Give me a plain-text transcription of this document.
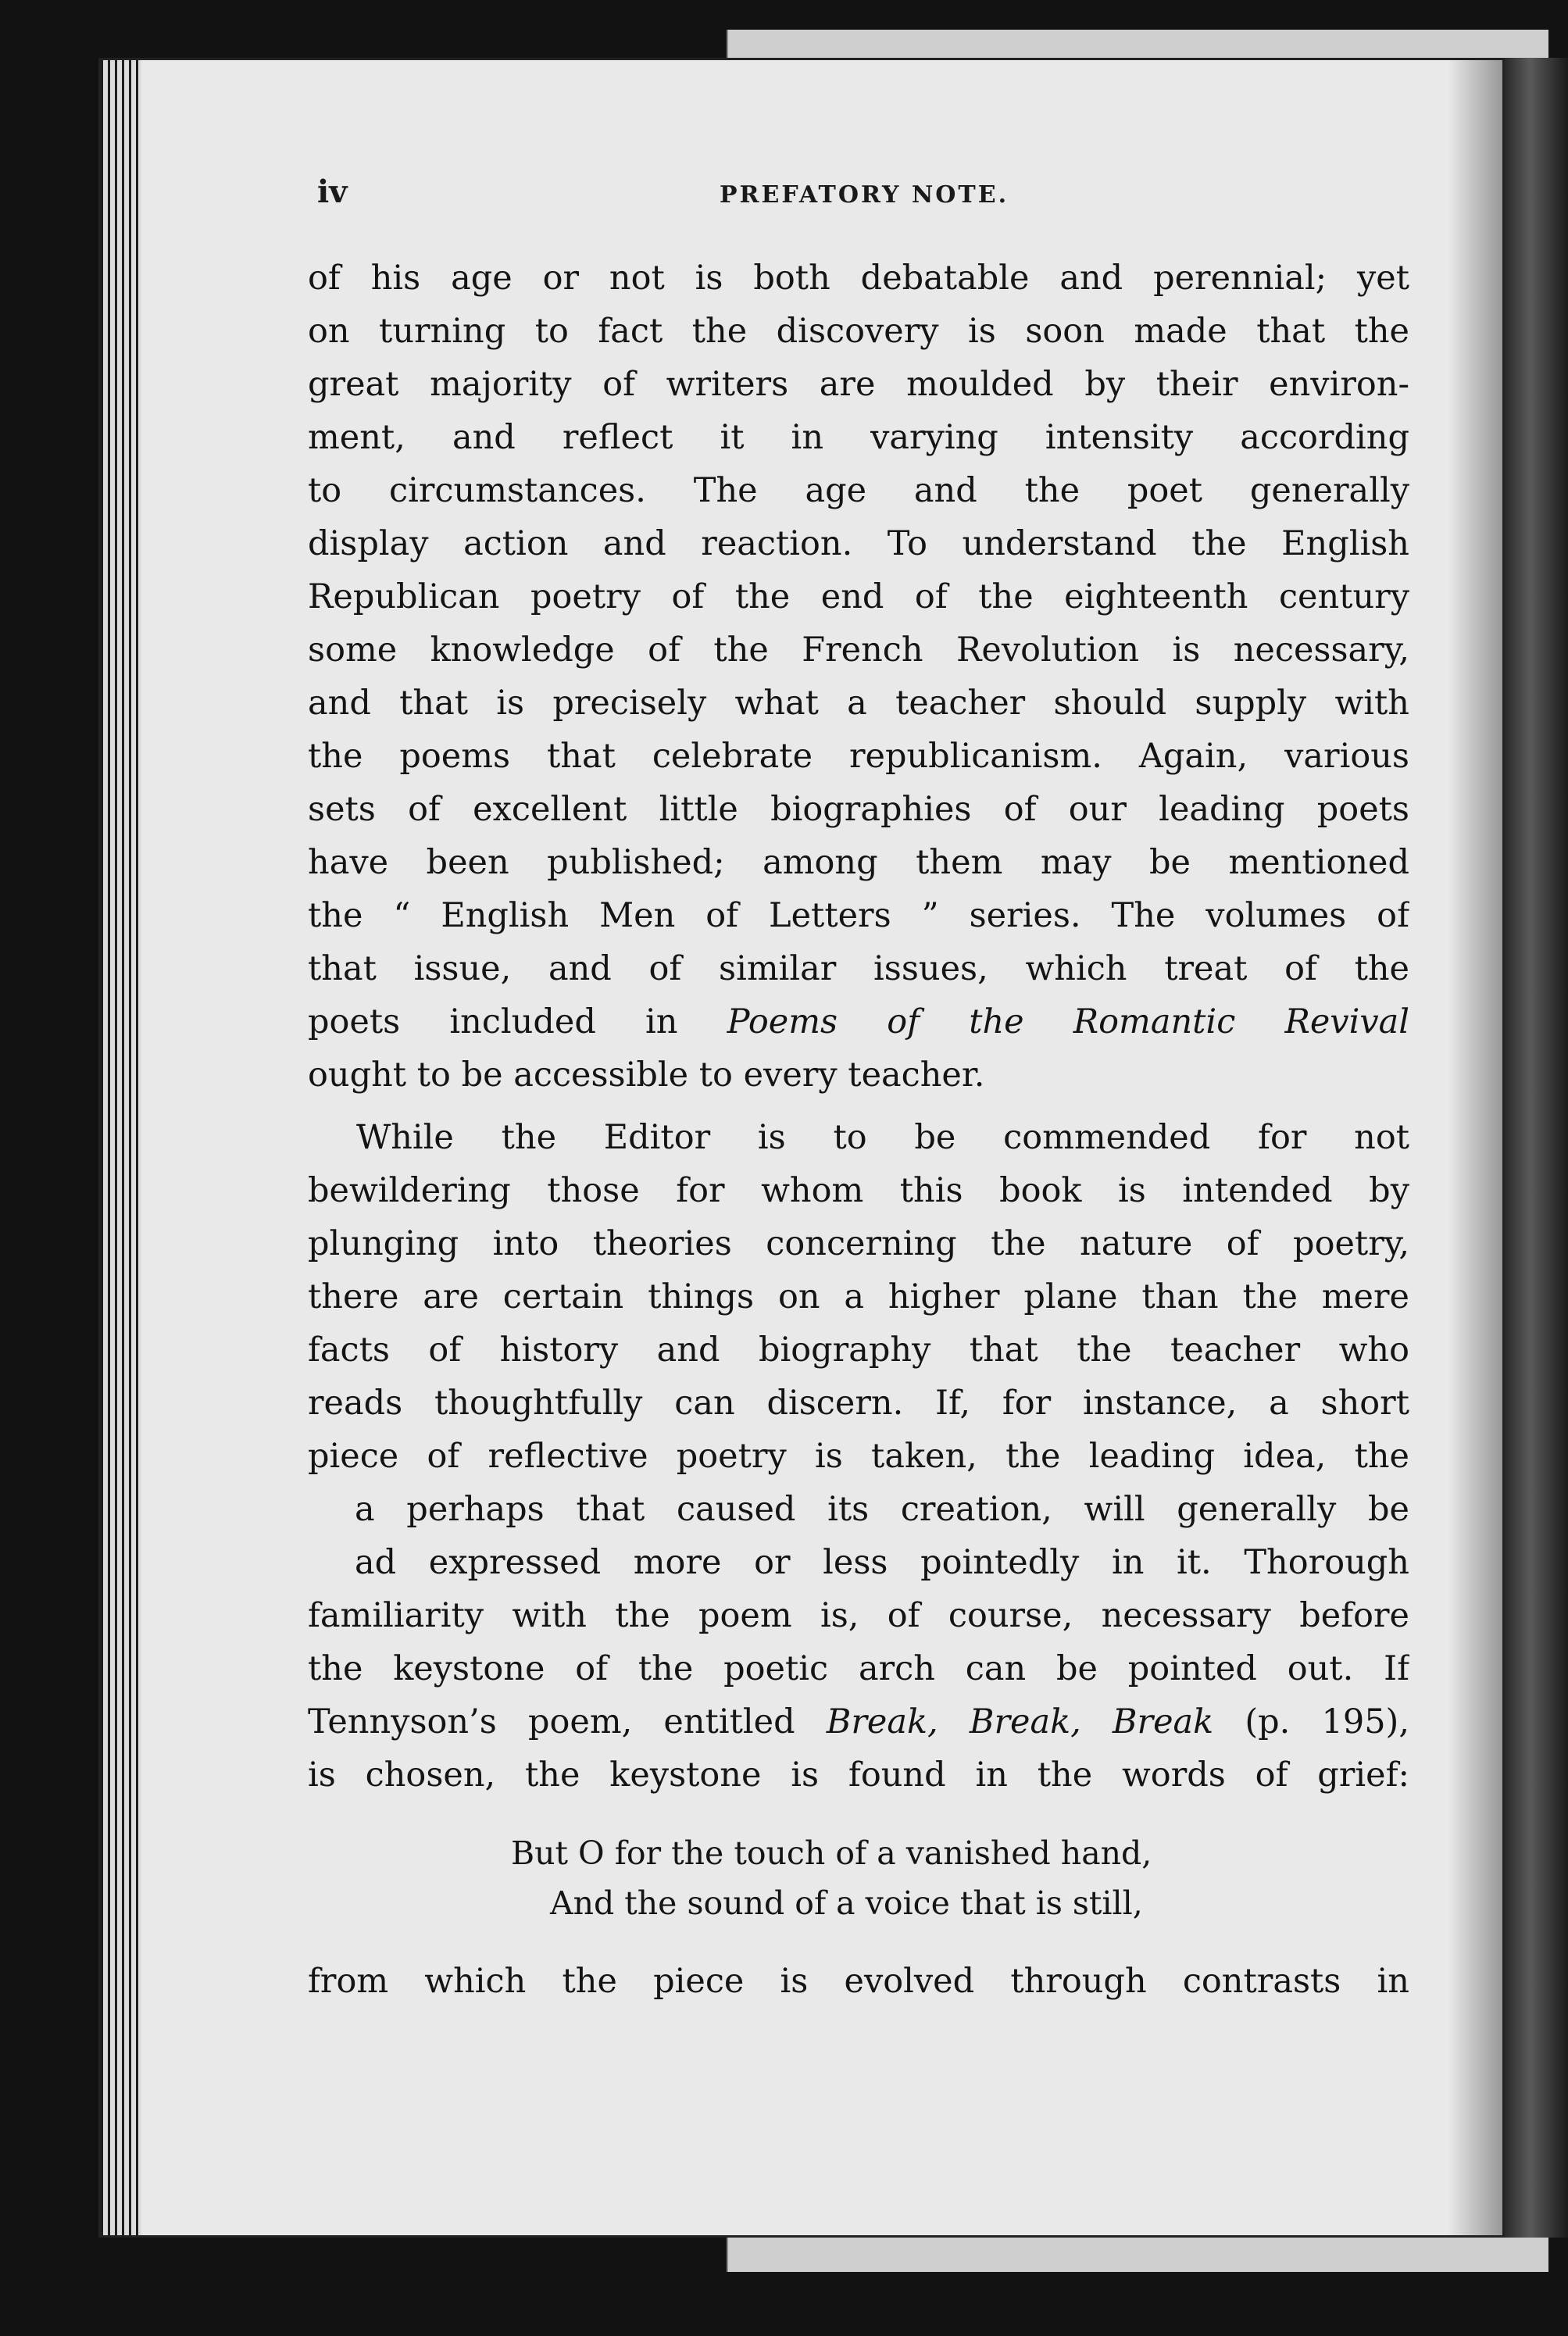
iv	PREFATORY NOTE.
of his age or not is both debatable and perennial; yet
on turning to fact the discovery is soon made that the
great majority of writers are moulded by their environ-
ment, and reflect it in varying intensity according
to circumstances. The age and the poet generally
display action and reaction. To understand the English
Republican poetry of the end of the eighteenth century
some knowledge of the French Revolution is necessary,
and that is precisely what a teacher should supply with
the poems that celebrate republicanism. Again, various
sets of excellent little biographies of our leading poets
have been published; among them may be mentioned
the “ English Men of Letters ” series. The volumes of
that issue, and of similar issues, which treat of the
poets included in Poems of the Romantic Revival
ought to be accessible to every teacher.
While the Editor is to be commended for not
bewildering those for whom this book is intended by
plunging into theories concerning the nature of poetry,
there are certain things on a higher plane than the mere
facts of history and biography that the teacher who
reads thoughtfully can discern. If, for instance, a short
piece of reflective poetry is taken, the leading idea, the
a perhaps that caused its creation, will generally be
ad expressed more or less pointedly in it. Thorough
familiarity with the poem is, of course, necessary before
the keystone of the poetic arch can be pointed out. If
Tennyson’s poem, entitled Break, Break, Break (p. 195),
is chosen, the keystone is found in the words of grief:
But O for the touch of a vanished hand,
And the sound of a voice that is still,
from which the piece is evolved through contrasts in
